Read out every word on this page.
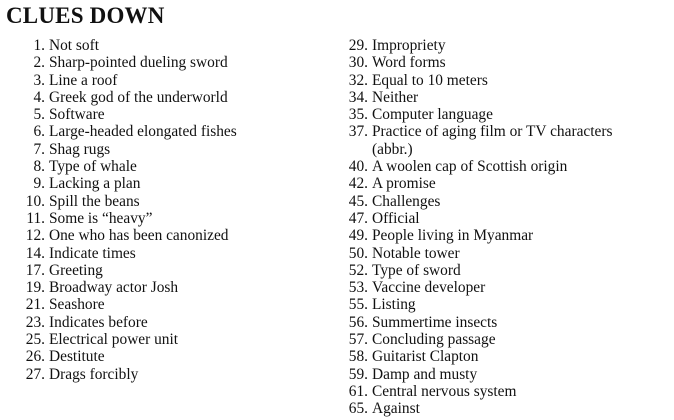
CLUES DOWN
1. Not soft
2. Sharp-pointed dueling sword
3. Line a roof
4. Greek god of the underworld
5. Software
6. Large-headed elongated fishes
7. Shag rugs
8. Type of whale
9. Lacking a plan
10. Spill the beans
11. Some is “heavy”
12. One who has been canonized
14. Indicate times
17. Greeting
19. Broadway actor Josh
21. Seashore
23. Indicates before
25. Electrical power unit
26. Destitute
27. Drags forcibly
29. Impropriety
30. Word forms
32. Equal to 10 meters
34. Neither
35. Computer language
37. Practice of aging film or TV characters (abbr.)
40. A woolen cap of Scottish origin
42. A promise
45. Challenges
47. Official
49. People living in Myanmar
50. Notable tower
52. Type of sword
53. Vaccine developer
55. Listing
56. Summertime insects
57. Concluding passage
58. Guitarist Clapton
59. Damp and musty
61. Central nervous system
65. Against
